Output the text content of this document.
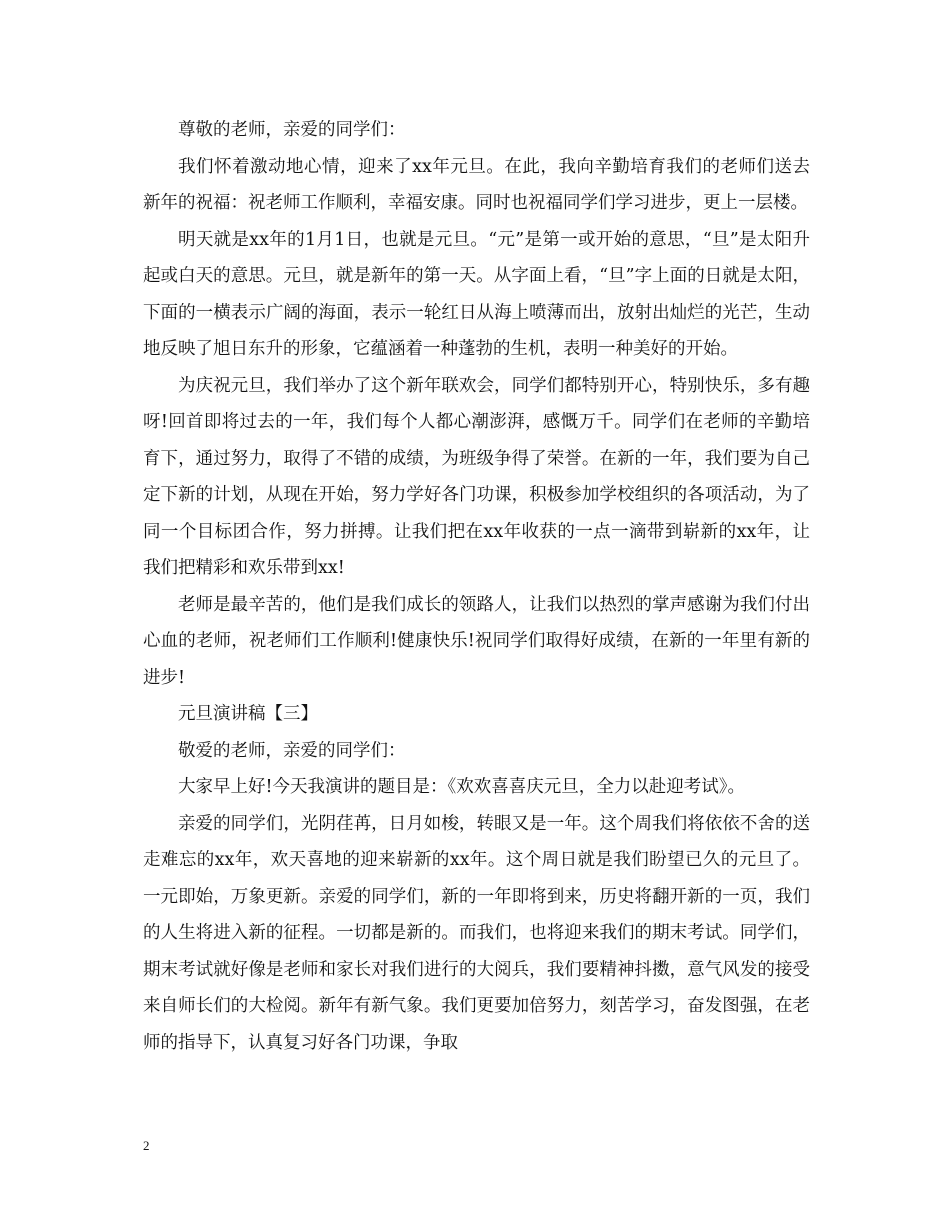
尊敬的老师，亲爱的同学们：

我们怀着激动地心情，迎来了xx年元旦。在此，我向辛勤培育我们的老师们送去新年的祝福：祝老师工作顺利，幸福安康。同时也祝福同学们学习进步，更上一层楼。

明天就是xx年的1月1日，也就是元旦。“元”是第一或开始的意思，“旦”是太阳升起或白天的意思。元旦，就是新年的第一天。从字面上看，“旦”字上面的日就是太阳，下面的一横表示广阔的海面，表示一轮红日从海上喷薄而出，放射出灿烂的光芒，生动地反映了旭日东升的形象，它蕴涵着一种蓬勃的生机，表明一种美好的开始。

为庆祝元旦，我们举办了这个新年联欢会，同学们都特别开心，特别快乐，多有趣呀!回首即将过去的一年，我们每个人都心潮澎湃，感慨万千。同学们在老师的辛勤培育下，通过努力，取得了不错的成绩，为班级争得了荣誉。在新的一年，我们要为自己定下新的计划，从现在开始，努力学好各门功课，积极参加学校组织的各项活动，为了同一个目标团合作，努力拼搏。让我们把在xx年收获的一点一滴带到崭新的xx年，让我们把精彩和欢乐带到xx!

老师是最辛苦的，他们是我们成长的领路人，让我们以热烈的掌声感谢为我们付出心血的老师，祝老师们工作顺利!健康快乐!祝同学们取得好成绩，在新的一年里有新的进步!

元旦演讲稿【三】

敬爱的老师，亲爱的同学们：

大家早上好!今天我演讲的题目是：《欢欢喜喜庆元旦，全力以赴迎考试》。

亲爱的同学们，光阴荏苒，日月如梭，转眼又是一年。这个周我们将依依不舍的送走难忘的xx年，欢天喜地的迎来崭新的xx年。这个周日就是我们盼望已久的元旦了。一元即始，万象更新。亲爱的同学们，新的一年即将到来，历史将翻开新的一页，我们的人生将进入新的征程。一切都是新的。而我们，也将迎来我们的期末考试。同学们，期末考试就好像是老师和家长对我们进行的大阅兵，我们要精神抖擞，意气风发的接受来自师长们的大检阅。新年有新气象。我们更要加倍努力，刻苦学习，奋发图强，在老师的指导下，认真复习好各门功课，争取

2
